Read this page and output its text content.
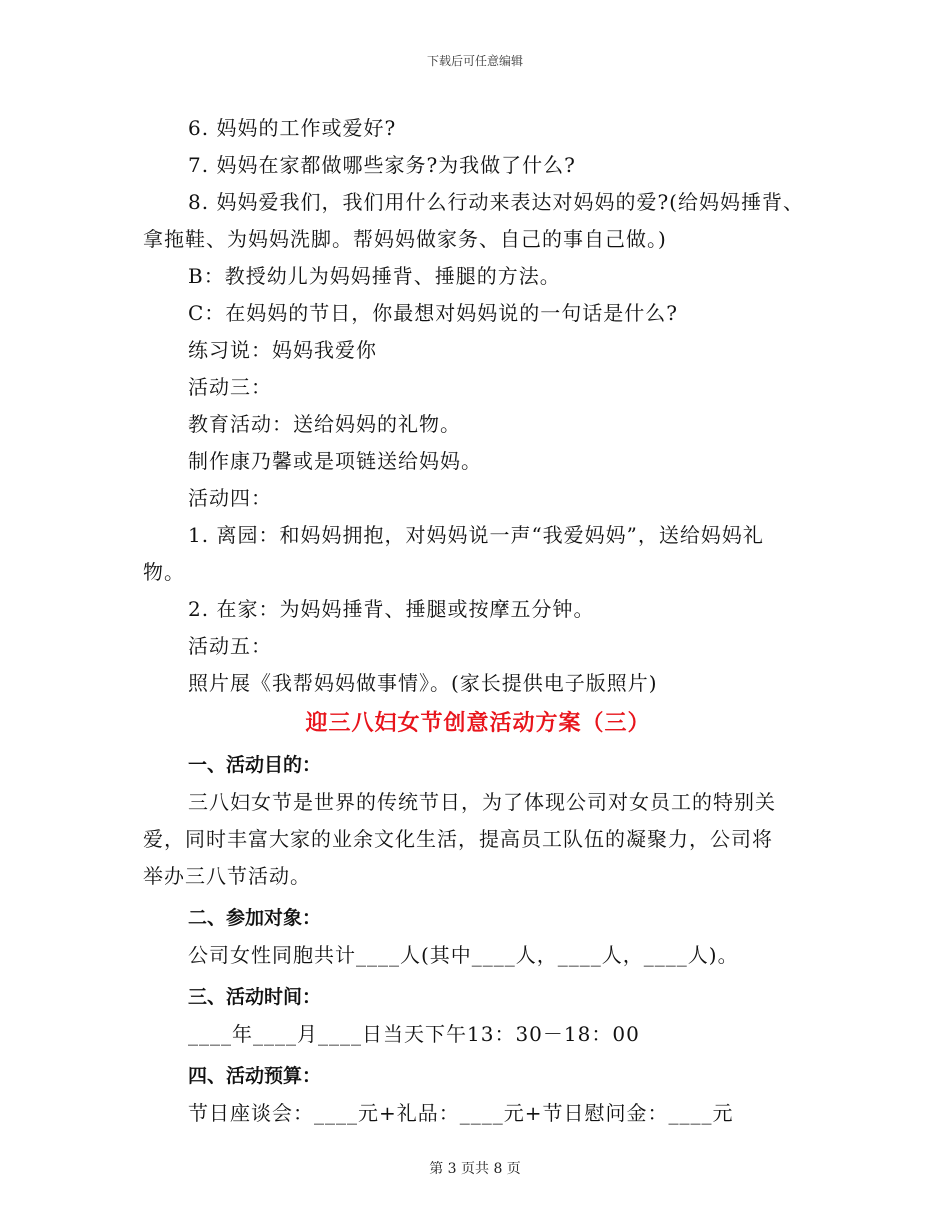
下载后可任意编辑
6. 妈妈的工作或爱好?
7. 妈妈在家都做哪些家务?为我做了什么?
8. 妈妈爱我们，我们用什么行动来表达对妈妈的爱?(给妈妈捶背、
拿拖鞋、为妈妈洗脚。帮妈妈做家务、自己的事自己做。)
B：教授幼儿为妈妈捶背、捶腿的方法。
C：在妈妈的节日，你最想对妈妈说的一句话是什么?
练习说：妈妈我爱你
活动三：
教育活动：送给妈妈的礼物。
制作康乃馨或是项链送给妈妈。
活动四：
1. 离园：和妈妈拥抱，对妈妈说一声“我爱妈妈”，送给妈妈礼
物。
2. 在家：为妈妈捶背、捶腿或按摩五分钟。
活动五：
照片展《我帮妈妈做事情》。(家长提供电子版照片)
迎三八妇女节创意活动方案（三）
一、活动目的：
三八妇女节是世界的传统节日，为了体现公司对女员工的特别关
爱，同时丰富大家的业余文化生活，提高员工队伍的凝聚力，公司将
举办三八节活动。
二、参加对象：
公司女性同胞共计____人(其中____人，____人，____人)。
三、活动时间：
____年____月____日当天下午13：30－18：00
四、活动预算：
节日座谈会：____元+礼品：____元+节日慰问金：____元
第 3 页共 8 页
